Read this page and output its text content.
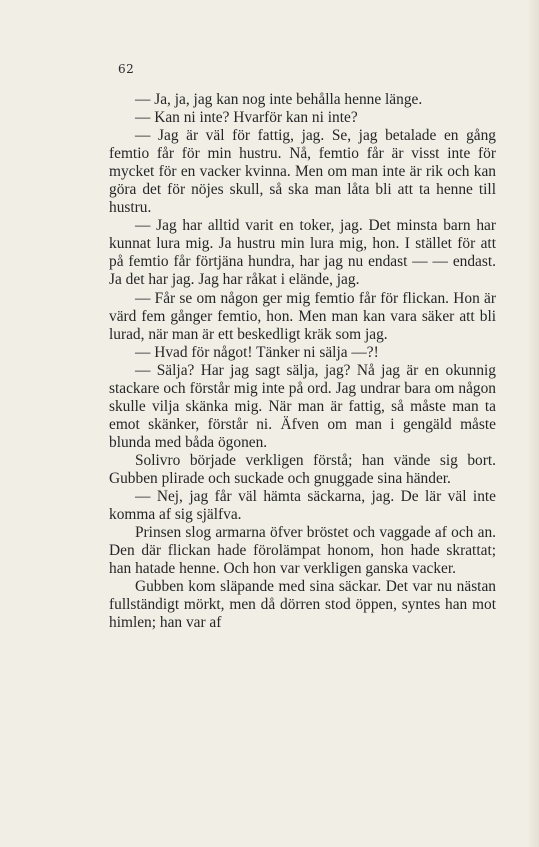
62

— Ja, ja, jag kan nog inte behålla henne länge.

— Kan ni inte? Hvarför kan ni inte?

— Jag är väl för fattig, jag. Se, jag betalade en gång femtio får för min hustru. Nå, femtio får är visst inte för mycket för en vacker kvinna. Men om man inte är rik och kan göra det för nöjes skull, så ska man låta bli att ta henne till hustru.

— Jag har alltid varit en toker, jag. Det minsta barn har kunnat lura mig. Ja hustru min lura mig, hon. I stället för att på femtio får förtjäna hundra, har jag nu endast — — endast. Ja det har jag. Jag har råkat i elände, jag.

— Får se om någon ger mig femtio får för flickan. Hon är värd fem gånger femtio, hon. Men man kan vara säker att bli lurad, när man är ett beskedligt kräk som jag.

— Hvad för något! Tänker ni sälja —?!

— Sälja? Har jag sagt sälja, jag? Nå jag är en okunnig stackare och förstår mig inte på ord. Jag undrar bara om någon skulle vilja skänka mig. När man är fattig, så måste man ta emot skänker, förstår ni. Äfven om man i gengäld måste blunda med båda ögonen.

Solivro började verkligen förstå; han vände sig bort. Gubben plirade och suckade och gnuggade sina händer.

— Nej, jag får väl hämta säckarna, jag. De lär väl inte komma af sig själfva.

Prinsen slog armarna öfver bröstet och vaggade af och an. Den där flickan hade förolämpat honom, hon hade skrattat; han hatade henne. Och hon var verkligen ganska vacker.

Gubben kom släpande med sina säckar. Det var nu nästan fullständigt mörkt, men då dörren stod öppen, syntes han mot himlen; han var af
